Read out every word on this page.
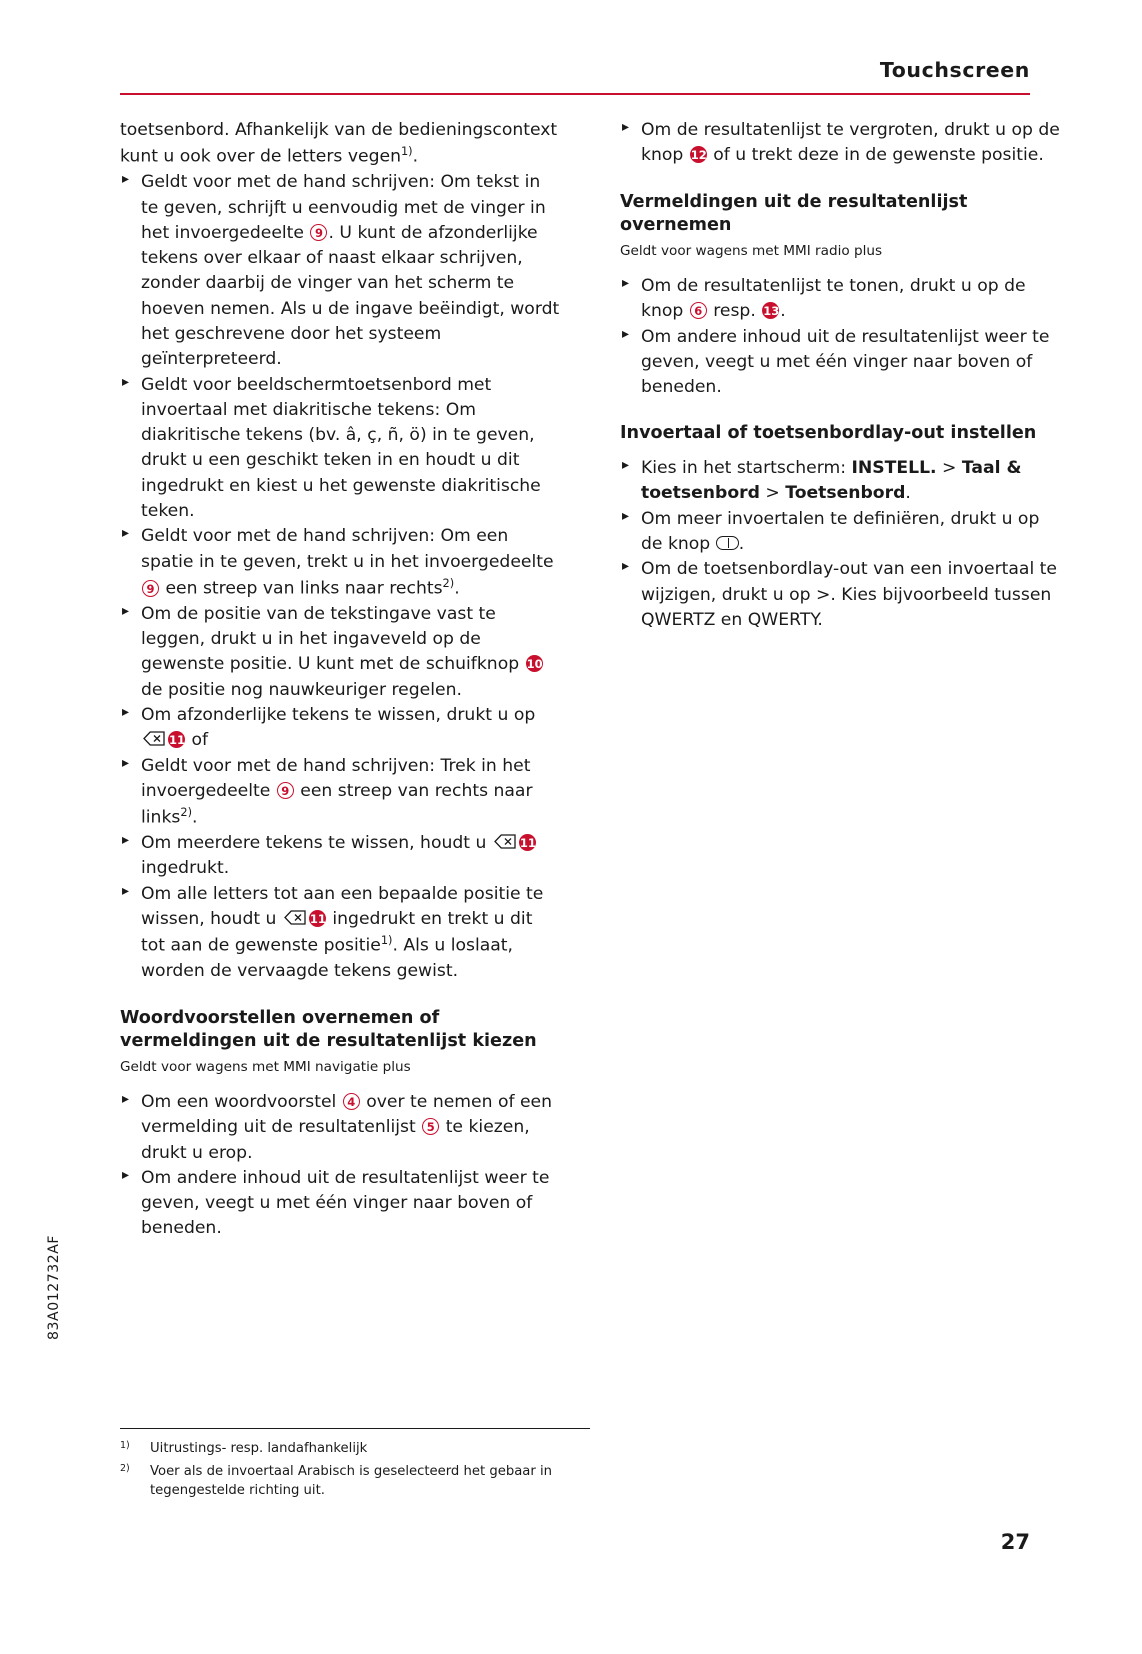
Touchscreen

toetsenbord. Afhankelijk van de bedieningscontext kunt u ook over de letters vegen$^{1)}$.

▸ Geldt voor met de hand schrijven: Om tekst in te geven, schrijft u eenvoudig met de vinger in het invoergedeelte 9 . U kunt de afzonderlijke tekens over elkaar of naast elkaar schrijven, zonder daarbij de vinger van het scherm te hoeven nemen. Als u de ingave beëindigt, wordt het geschrevene door het systeem geïnterpreteerd.
▸ Geldt voor beeldschermtoetsenbord met invoertaal met diakritische tekens: Om diakritische tekens (bv. â, ç, ñ, ö) in te geven, drukt u een geschikt teken in en houdt u dit ingedrukt en kiest u het gewenste diakritische teken.
▸ Geldt voor met de hand schrijven: Om een spatie in te geven, trekt u in het invoergedeelte 9 een streep van links naar rechts$^{2)}$.
▸ Om de positie van de tekstingave vast te leggen, drukt u in het ingaveveld op de gewenste positie. U kunt met de schuifknop 10 de positie nog nauwkeuriger regelen.
▸ Om afzonderlijke tekens te wissen, drukt u op 11 of
▸ Geldt voor met de hand schrijven: Trek in het invoergedeelte 9 een streep van rechts naar links$^{2)}$.
▸ Om meerdere tekens te wissen, houdt u 11 ingedrukt.
▸ Om alle letters tot aan een bepaalde positie te wissen, houdt u 11 ingedrukt en trekt u dit tot aan de gewenste positie$^{1)}$. Als u loslaat, worden de vervaagde tekens gewist.
Woordvoorstellen overnemen of vermeldingen uit de resultatenlijst kiezen
Geldt voor wagens met MMI navigatie plus
▸ Om een woordvoorstel 4 over te nemen of een vermelding uit de resultatenlijst 5 te kiezen, drukt u erop.
▸ Om andere inhoud uit de resultatenlijst weer te geven, veegt u met één vinger naar boven of beneden.
▸ Om de resultatenlijst te vergroten, drukt u op de knop 12 of u trekt deze in de gewenste positie.
Vermeldingen uit de resultatenlijst overnemen
Geldt voor wagens met MMI radio plus
▸ Om de resultatenlijst te tonen, drukt u op de knop 6 resp. 13.
▸ Om andere inhoud uit de resultatenlijst weer te geven, veegt u met één vinger naar boven of beneden.
Invoertaal of toetsenbordlay-out instellen
▸ Kies in het startscherm: INSTELL. > Taal & toetsenbord > Toetsenbord.
▸ Om meer invoertalen te definiëren, drukt u op de knop .
▸ Om de toetsenbordlay-out van een invoertaal te wijzigen, drukt u op >. Kies bijvoorbeeld tussen QWERTZ en QWERTY.
$^{1)}$ Uitrustings- resp. landafhankelijk
$^{2)}$ Voer als de invoertaal Arabisch is geselecteerd het gebaar in tegengestelde richting uit.
83A012732AF
27
